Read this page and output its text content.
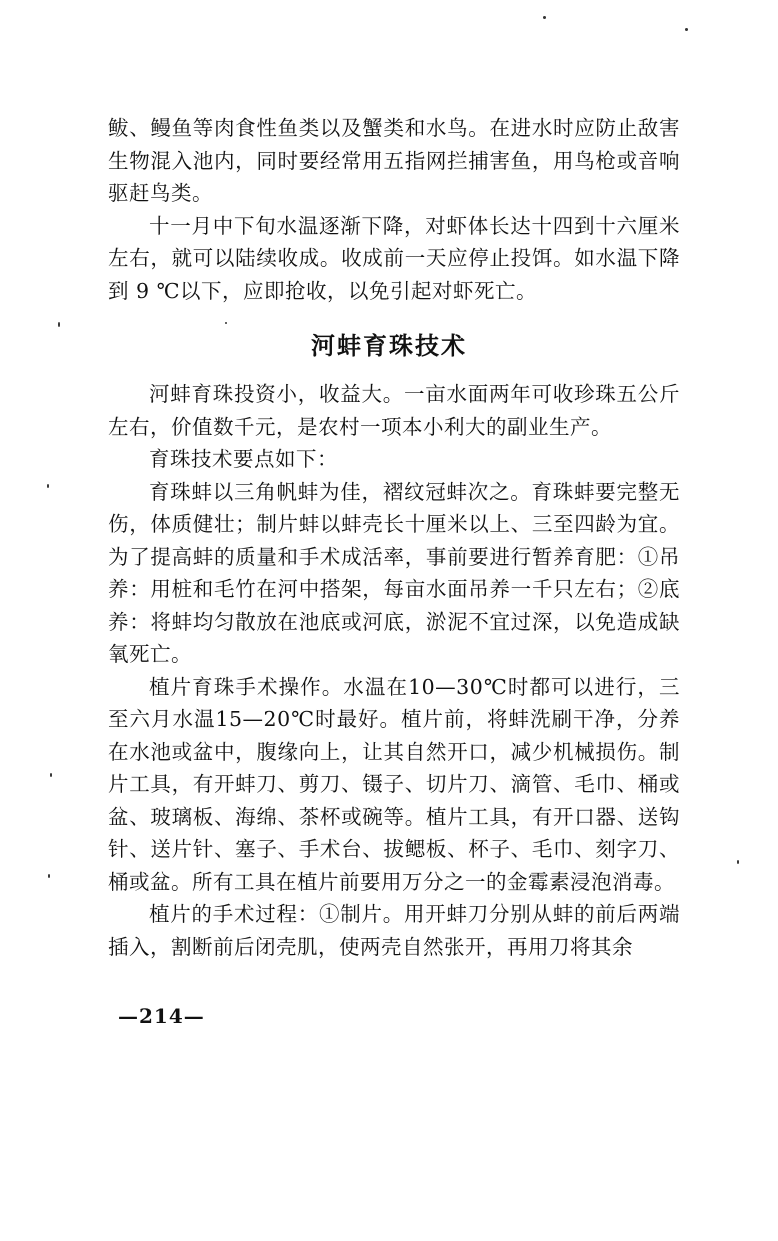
鲅、鳗鱼等肉食性鱼类以及蟹类和水鸟。在进水时应防止敌害生物混入池内，同时要经常用五指网拦捕害鱼，用鸟枪或音响驱赶鸟类。

十一月中下旬水温逐渐下降，对虾体长达十四到十六厘米左右，就可以陆续收成。收成前一天应停止投饵。如水温下降到 9 ℃以下，应即抢收，以免引起对虾死亡。

河蚌育珠技术

河蚌育珠投资小，收益大。一亩水面两年可收珍珠五公斤左右，价值数千元，是农村一项本小利大的副业生产。

育珠技术要点如下：

育珠蚌以三角帆蚌为佳，褶纹冠蚌次之。育珠蚌要完整无伤，体质健壮；制片蚌以蚌壳长十厘米以上、三至四龄为宜。为了提高蚌的质量和手术成活率，事前要进行暂养育肥：①吊养：用桩和毛竹在河中搭架，每亩水面吊养一千只左右；②底养：将蚌均匀散放在池底或河底，淤泥不宜过深，以免造成缺氧死亡。

植片育珠手术操作。水温在10—30℃时都可以进行，三至六月水温15—20℃时最好。植片前，将蚌洗刷干净，分养在水池或盆中，腹缘向上，让其自然开口，减少机械损伤。制片工具，有开蚌刀、剪刀、镊子、切片刀、滴管、毛巾、桶或盆、玻璃板、海绵、茶杯或碗等。植片工具，有开口器、送钩针、送片针、塞子、手术台、拔鳃板、杯子、毛巾、刻字刀、桶或盆。所有工具在植片前要用万分之一的金霉素浸泡消毒。

植片的手术过程：①制片。用开蚌刀分别从蚌的前后两端插入，割断前后闭壳肌，使两壳自然张开，再用刀将其余

—214—
